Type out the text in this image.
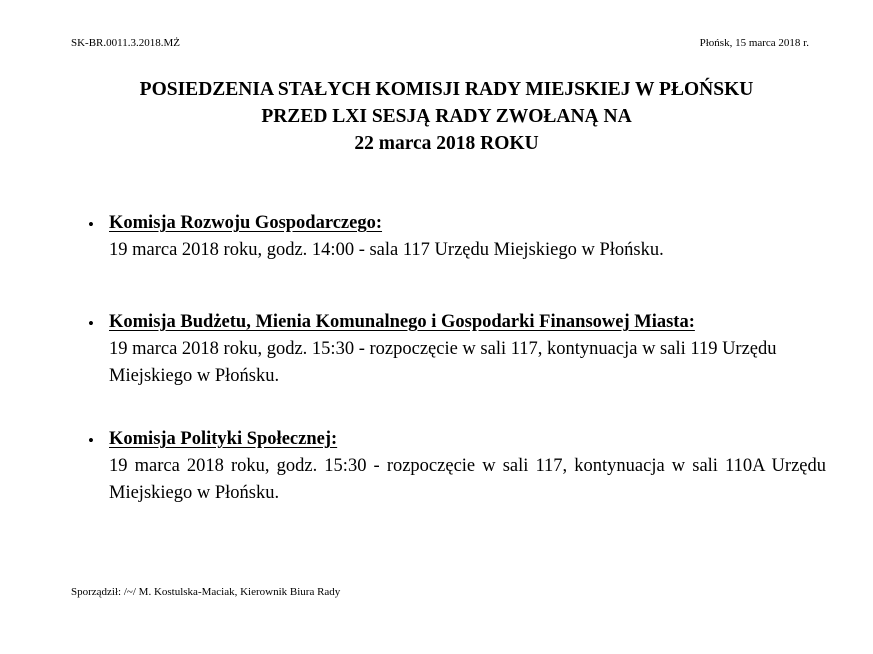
SK-BR.0011.3.2018.MŻ	Płońsk, 15 marca 2018 r.
POSIEDZENIA STAŁYCH KOMISJI RADY MIEJSKIEJ W PŁOŃSKU
PRZED LXI SESJĄ RADY ZWOŁANĄ NA
22 marca 2018 ROKU
• Komisja Rozwoju Gospodarczego:
19 marca 2018 roku, godz. 14:00 - sala 117 Urzędu Miejskiego w Płońsku.
• Komisja Budżetu, Mienia Komunalnego i Gospodarki Finansowej Miasta:
19 marca 2018 roku, godz. 15:30 - rozpoczęcie w sali 117, kontynuacja w sali 119 Urzędu Miejskiego w Płońsku.
• Komisja Polityki Społecznej:
19 marca 2018 roku, godz. 15:30 - rozpoczęcie w sali 117, kontynuacja w sali 110A Urzędu Miejskiego w Płońsku.
Sporządził: /~/ M. Kostulska-Maciak, Kierownik Biura Rady
